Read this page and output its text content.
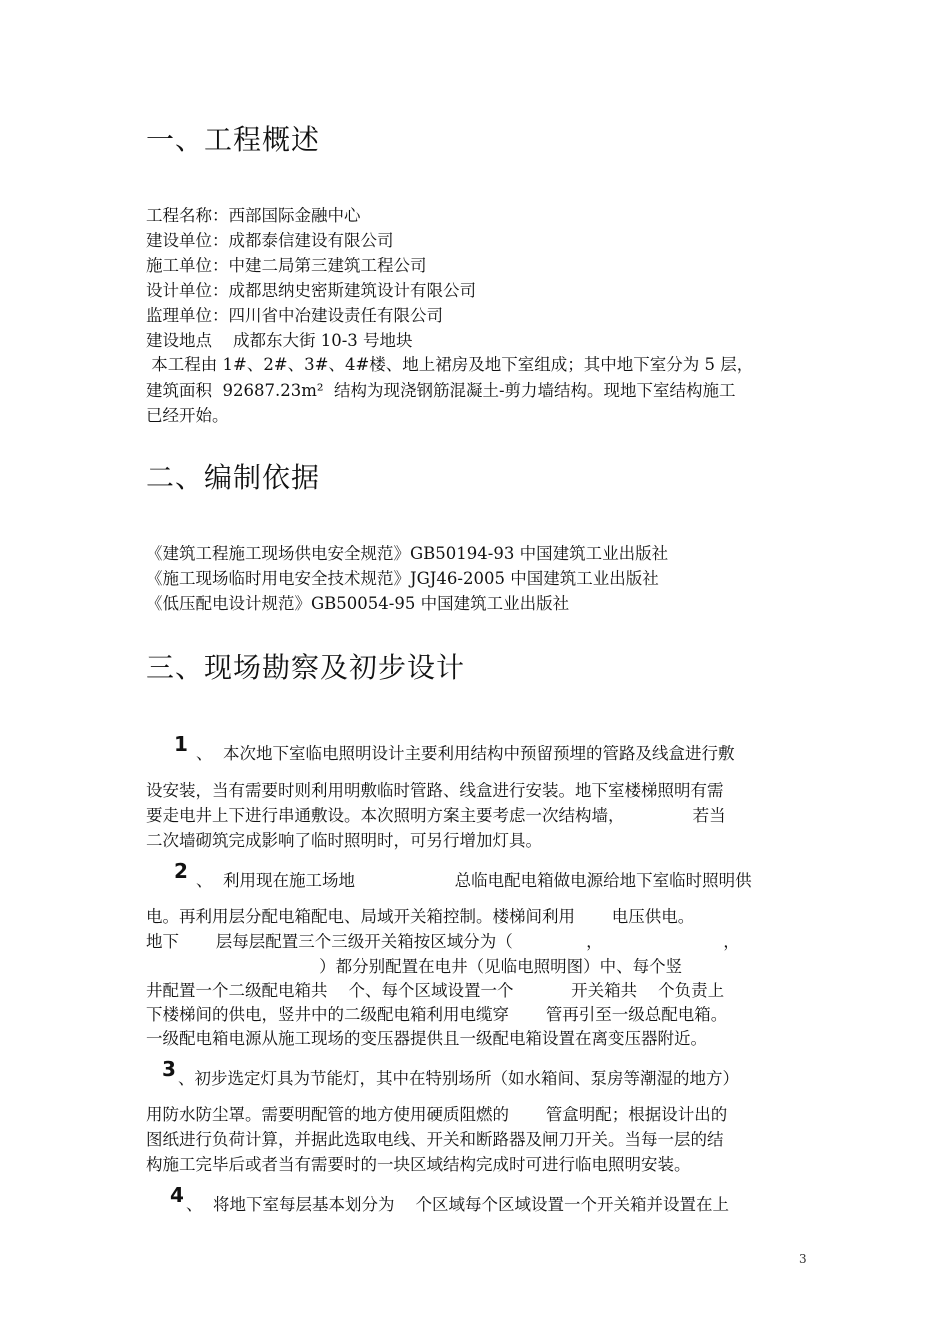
一、工程概述
工程名称：西部国际金融中心
建设单位：成都泰信建设有限公司
施工单位：中建二局第三建筑工程公司
设计单位：成都思纳史密斯建筑设计有限公司
监理单位：四川省中冶建设责任有限公司
建设地点    成都东大街 10-3 号地块
本工程由 1#、2#、3#、4#楼、地上裙房及地下室组成；其中地下室分为 5 层，
建筑面积  92687.23m²  结构为现浇钢筋混凝土-剪力墙结构。现地下室结构施工
已经开始。
二、编制依据
《建筑工程施工现场供电安全规范》GB50194-93 中国建筑工业出版社
《施工现场临时用电安全技术规范》JGJ46-2005 中国建筑工业出版社
《低压配电设计规范》GB50054-95 中国建筑工业出版社
三、现场勘察及初步设计
1 、  本次地下室临电照明设计主要利用结构中预留预埋的管路及线盒进行敷
设安装，当有需要时则利用明敷临时管路、线盒进行安装。地下室楼梯照明有需
要走电井上下进行串通敷设。本次照明方案主要考虑一次结构墙，             若当
二次墙砌筑完成影响了临时照明时，可另行增加灯具。
2 、  利用现在施工场地                   总临电配电箱做电源给地下室临时照明供
电。再利用层分配电箱配电、局域开关箱控制。楼梯间利用       电压供电。
地下       层每层配置三个三级开关箱按区域分为（              ，                       ，
）都分别配置在电井（见临电照明图）中、每个竖
井配置一个二级配电箱共    个、每个区域设置一个           开关箱共    个负责上
下楼梯间的供电，竖井中的二级配电箱利用电缆穿       管再引至一级总配电箱。
一级配电箱电源从施工现场的变压器提供且一级配电箱设置在离变压器附近。
3 、初步选定灯具为节能灯，其中在特别场所（如水箱间、泵房等潮湿的地方）
用防水防尘罩。需要明配管的地方使用硬质阻燃的       管盒明配；根据设计出的
图纸进行负荷计算，并据此选取电线、开关和断路器及闸刀开关。当每一层的结
构施工完毕后或者当有需要时的一块区域结构完成时可进行临电照明安装。
4 、  将地下室每层基本划分为    个区域每个区域设置一个开关箱并设置在上
3
